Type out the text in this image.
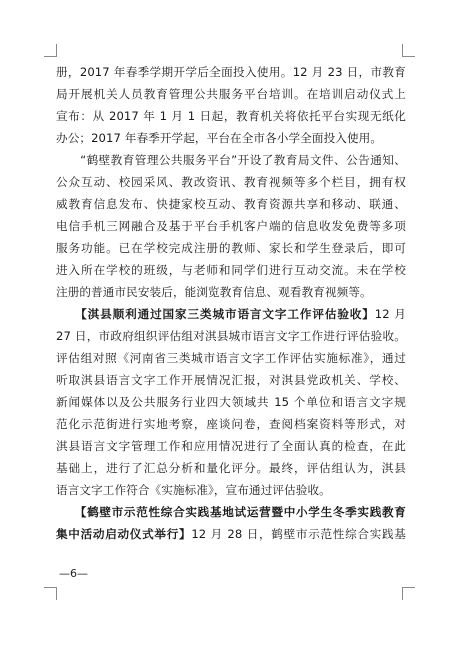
册，2017 年春季学期开学后全面投入使用。12 月 23 日，市教育
局开展机关人员教育管理公共服务平台培训。在培训启动仪式上
宣布：从 2017 年 1 月 1 日起，教育机关将依托平台实现无纸化
办公；2017 年春季开学起，平台在全市各小学全面投入使用。
　　“鹤壁教育管理公共服务平台”开设了教育局文件、公告通知、
公众互动、校园采风、教改资讯、教育视频等多个栏目，拥有权
威教育信息发布、快捷家校互动、教育资源共享和移动、联通、
电信手机三网融合及基于平台手机客户端的信息收发免费等多项
服务功能。已在学校完成注册的教师、家长和学生登录后，即可
进入所在学校的班级，与老师和同学们进行互动交流。未在学校
注册的普通市民安装后，能浏览教育信息、观看教育视频等。
　　【淇县顺利通过国家三类城市语言文字工作评估验收】12 月
27 日，市政府组织评估组对淇县城市语言文字工作进行评估验收。
评估组对照《河南省三类城市语言文字工作评估实施标准》，通过
听取淇县语言文字工作开展情况汇报，对淇县党政机关、学校、
新闻媒体以及公共服务行业四大领域共 15 个单位和语言文字规
范化示范街进行实地考察，座谈问卷，查阅档案资料等形式，对
淇县语言文字管理工作和应用情况进行了全面认真的检查，在此
基础上，进行了汇总分析和量化评分。最终，评估组认为，淇县
语言文字工作符合《实施标准》，宣布通过评估验收。
　　【鹤壁市示范性综合实践基地试运营暨中小学生冬季实践教育
集中活动启动仪式举行】12 月 28 日，鹤壁市示范性综合实践基
—6—
